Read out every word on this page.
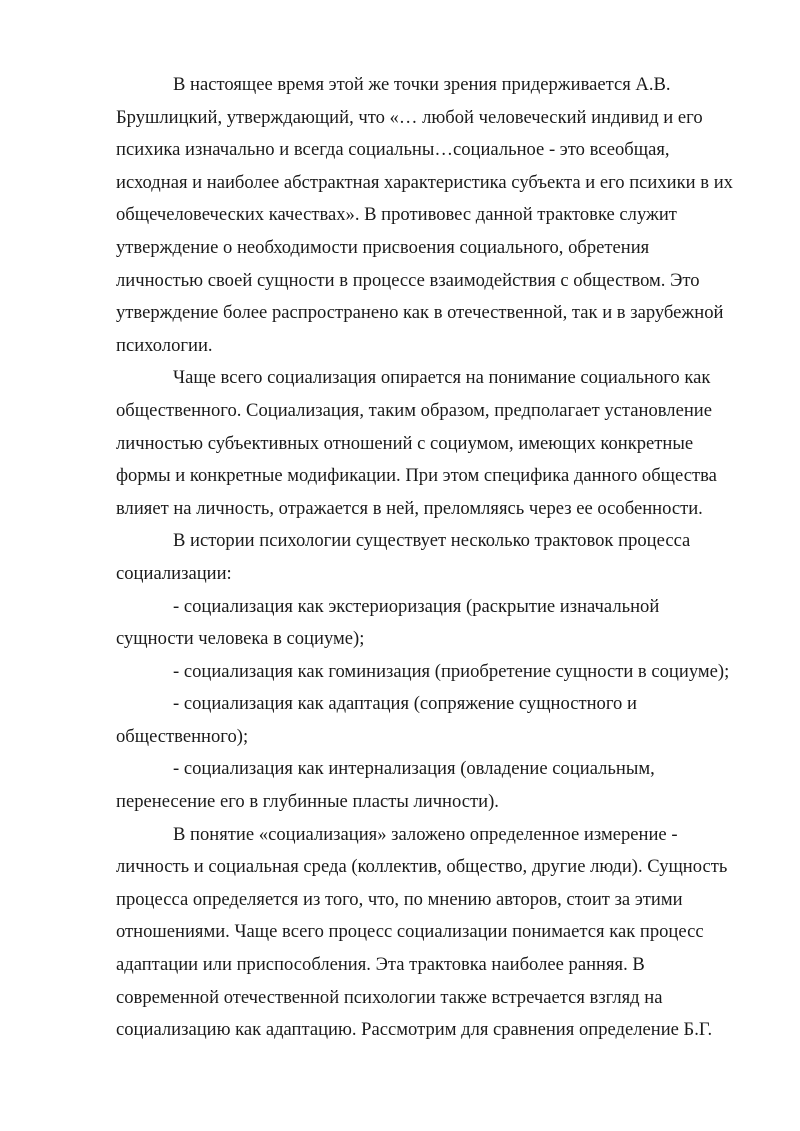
В настоящее время этой же точки зрения придерживается А.В.
Брушлицкий, утверждающий, что «… любой человеческий индивид и его
психика изначально и всегда социальны…социальное - это всеобщая,
исходная и наиболее абстрактная характеристика субъекта и его психики в их
общечеловеческих качествах». В противовес данной трактовке служит
утверждение о необходимости присвоения социального, обретения
личностью своей сущности в процессе взаимодействия с обществом. Это
утверждение более распространено как в отечественной, так и в зарубежной
психологии.

Чаще всего социализация опирается на понимание социального как
общественного. Социализация, таким образом, предполагает установление
личностью субъективных отношений с социумом, имеющих конкретные
формы и конкретные модификации. При этом специфика данного общества
влияет на личность, отражается в ней, преломляясь через ее особенности.

В истории психологии существует несколько трактовок процесса
социализации:

- социализация как экстериоризация (раскрытие изначальной
сущности человека в социуме);

- социализация как гоминизация (приобретение сущности в социуме);

- социализация как адаптация (сопряжение сущностного и
общественного);

- социализация как интернализация (овладение социальным,
перенесение его в глубинные пласты личности).

В понятие «социализация» заложено определенное измерение -
личность и социальная среда (коллектив, общество, другие люди). Сущность
процесса определяется из того, что, по мнению авторов, стоит за этими
отношениями. Чаще всего процесс социализации понимается как процесс
адаптации или приспособления. Эта трактовка наиболее ранняя. В
современной отечественной психологии также встречается взгляд на
социализацию как адаптацию. Рассмотрим для сравнения определение Б.Г.
